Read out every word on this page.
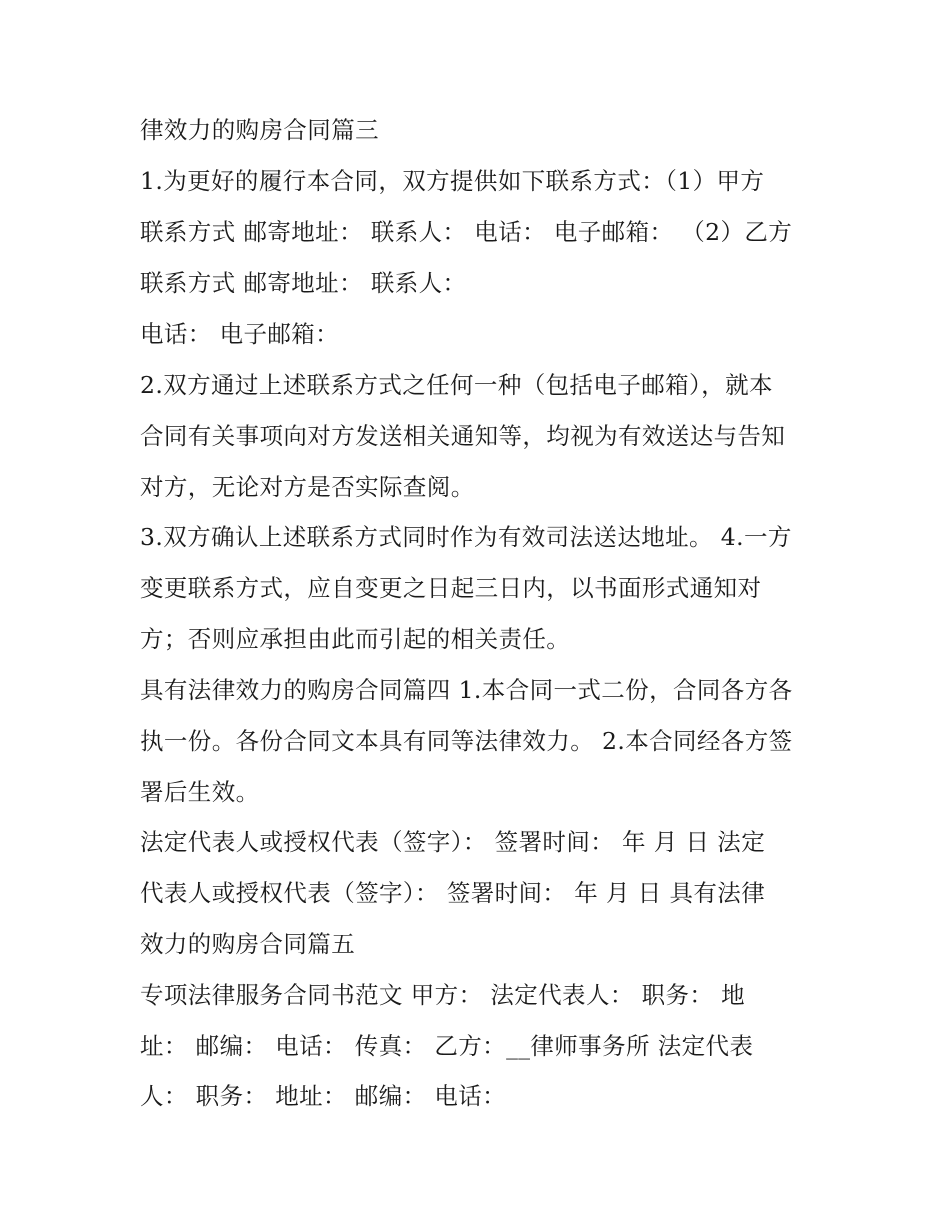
律效力的购房合同篇三
1.为更好的履行本合同，双方提供如下联系方式：（1）甲方
联系方式 邮寄地址： 联系人： 电话： 电子邮箱： （2）乙方
联系方式 邮寄地址： 联系人：
电话： 电子邮箱：
2.双方通过上述联系方式之任何一种（包括电子邮箱），就本
合同有关事项向对方发送相关通知等，均视为有效送达与告知
对方，无论对方是否实际查阅。
3.双方确认上述联系方式同时作为有效司法送达地址。 4.一方
变更联系方式，应自变更之日起三日内，以书面形式通知对
方；否则应承担由此而引起的相关责任。
具有法律效力的购房合同篇四 1.本合同一式二份，合同各方各
执一份。各份合同文本具有同等法律效力。 2.本合同经各方签
署后生效。
法定代表人或授权代表（签字）： 签署时间： 年 月 日 法定
代表人或授权代表（签字）： 签署时间： 年 月 日 具有法律
效力的购房合同篇五
专项法律服务合同书范文 甲方： 法定代表人： 职务： 地
址： 邮编： 电话： 传真： 乙方：__律师事务所 法定代表
人： 职务： 地址： 邮编： 电话：
